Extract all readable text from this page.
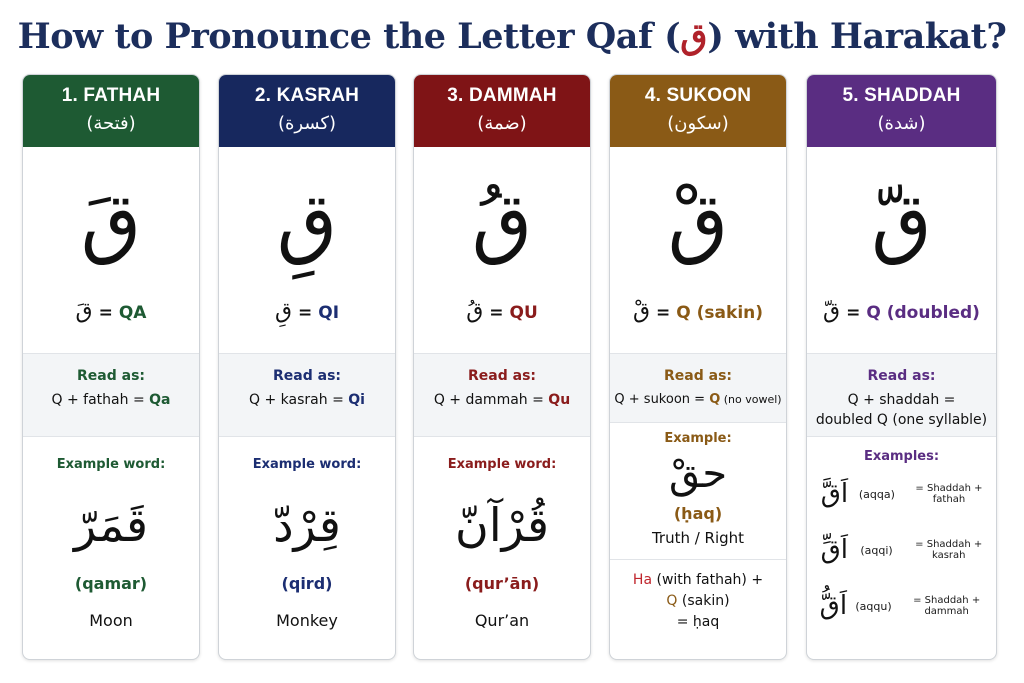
How to Pronounce the Letter Qaf (ق) with Harakat?
1. FATHAH
(فتحة)
قَ
قَ = QA
Read as:
Q + fathah = Qa
Example word:
قَمَرّ
(qamar)
Moon
2. KASRAH
(كسرة)
قِ
قِ = QI
Read as:
Q + kasrah = Qi
Example word:
قِرْدّ
(qird)
Monkey
3. DAMMAH
(ضمة)
قُ
قُ = QU
Read as:
Q + dammah = Qu
Example word:
قُرْآنّ
(qur’ān)
Qur’an
4. SUKOON
(سكون)
قْ
قْ = Q (sakin)
Read as:
Q + sukoon = Q (no vowel)
Example:
حقْ
(ḥaq)
Truth / Right
Ha (with fathah) +
Q (sakin)
= ḥaq
5. SHADDAH
(شدة)
قّ
قّ = Q (doubled)
Read as:
Q + shaddah =
doubled Q (one syllable)
Examples:
اَقَّ (aqqa)	= Shaddah + fathah
اَقِّ	(aqqi)	= Shaddah + kasrah
اَقُّ (aqqu)	= Shaddah + dammah
